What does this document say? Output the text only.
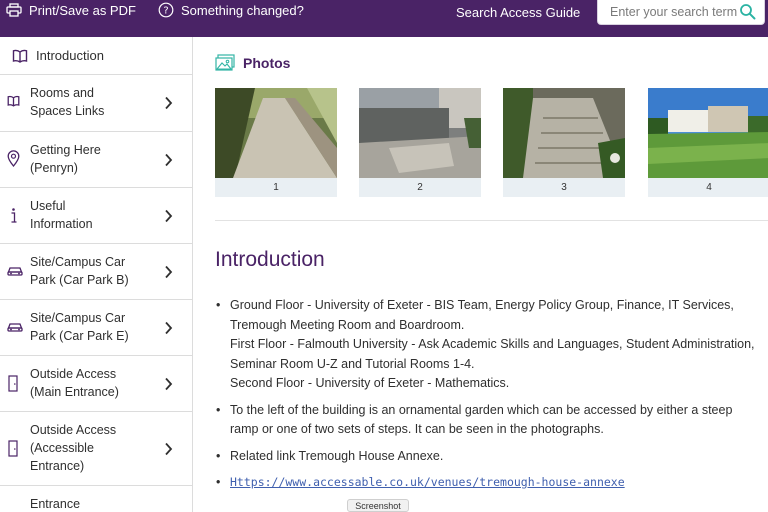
Print/Save as PDF	? Something changed?	Search Access Guide
Enter your search term
Introduction
Rooms and
Spaces Links
Getting Here
(Penryn)
Useful
Information
Site/Campus Car
Park (Car Park B)
Site/Campus Car
Park (Car Park E)
Outside Access
(Main Entrance)
Outside Access
(Accessible
Entrance)
Entrance
Photos
1	2	3	4
Introduction
• Ground Floor - University of Exeter - BIS Team, Energy Policy Group, Finance, IT Services,
Tremough Meeting Room and Boardroom.
First Floor - Falmouth University - Ask Academic Skills and Languages, Student Administration,
Seminar Room U-Z and Tutorial Rooms 1-4.
Second Floor - University of Exeter - Mathematics.
• To the left of the building is an ornamental garden which can be accessed by either a steep
ramp or one of two sets of steps. It can be seen in the photographs.
• Related link Tremough House Annexe.
• Https://www.accessable.co.uk/venues/tremough-house-annexe
Screenshot
